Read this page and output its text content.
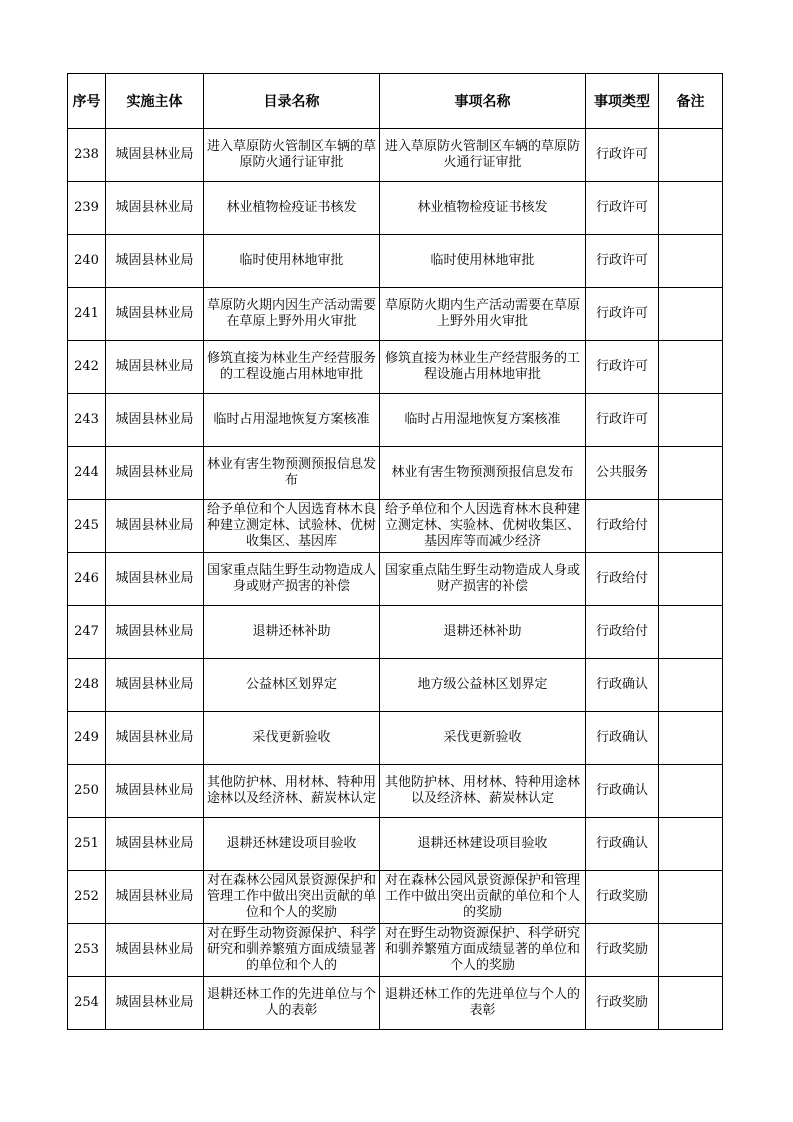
序号	实施主体	目录名称	事项名称	事项类型	备注

238	城固县林业局	进入草原防火管制区车辆的草原防火通行证审批	进入草原防火管制区车辆的草原防火通行证审批	行政许可	

239	城固县林业局	林业植物检疫证书核发	林业植物检疫证书核发	行政许可	

240	城固县林业局	临时使用林地审批	临时使用林地审批	行政许可	

241	城固县林业局	草原防火期内因生产活动需要在草原上野外用火审批	草原防火期内生产活动需要在草原上野外用火审批	行政许可	

242	城固县林业局	修筑直接为林业生产经营服务的工程设施占用林地审批	修筑直接为林业生产经营服务的工程设施占用林地审批	行政许可	

243	城固县林业局	临时占用湿地恢复方案核准	临时占用湿地恢复方案核准	行政许可	

244	城固县林业局	林业有害生物预测预报信息发布	林业有害生物预测预报信息发布	公共服务	

245	城固县林业局	给予单位和个人因选育林木良种建立测定林、试验林、优树收集区、基因库	给予单位和个人因选育林木良种建立测定林、实验林、优树收集区、基因库等而减少经济	行政给付	

246	城固县林业局	国家重点陆生野生动物造成人身或财产损害的补偿	国家重点陆生野生动物造成人身或财产损害的补偿	行政给付	

247	城固县林业局	退耕还林补助	退耕还林补助	行政给付	

248	城固县林业局	公益林区划界定	地方级公益林区划界定	行政确认	

249	城固县林业局	采伐更新验收	采伐更新验收	行政确认	

250	城固县林业局	其他防护林、用材林、特种用途林以及经济林、薪炭林认定	其他防护林、用材林、特种用途林以及经济林、薪炭林认定	行政确认	

251	城固县林业局	退耕还林建设项目验收	退耕还林建设项目验收	行政确认	

252	城固县林业局	对在森林公园风景资源保护和管理工作中做出突出贡献的单位和个人的奖励	对在森林公园风景资源保护和管理工作中做出突出贡献的单位和个人的奖励	行政奖励	

253	城固县林业局	对在野生动物资源保护、科学研究和驯养繁殖方面成绩显著的单位和个人的	对在野生动物资源保护、科学研究和驯养繁殖方面成绩显著的单位和个人的奖励	行政奖励	

254	城固县林业局	退耕还林工作的先进单位与个人的表彰	退耕还林工作的先进单位与个人的表彰	行政奖励	
